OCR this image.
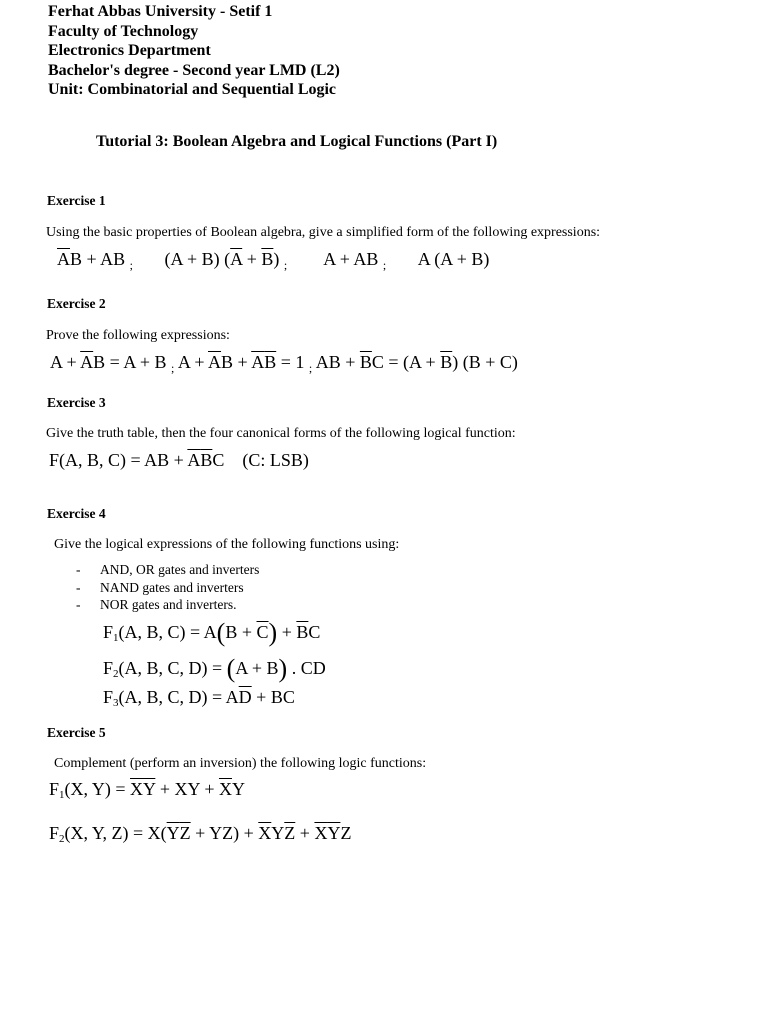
Ferhat Abbas University - Setif 1
Faculty of Technology
Electronics Department
Bachelor's degree - Second year LMD (L2)
Unit: Combinatorial and Sequential Logic
Tutorial 3: Boolean Algebra and Logical Functions (Part I)
Exercise 1
Using the basic properties of Boolean algebra, give a simplified form of the following expressions:
$\overline{A}B$ + AB $_;$       (A + B) $(\overline{A} + \overline{B})$ $_;$        A + AB $_;$       A (A + B)
Exercise 2
Prove the following expressions:
$A + \overline{A}B = A + B$ $_;$ $A + \overline{A}B + \overline{A}\overline{B} = 1$ $_;$ AB + $\overline{B}C = (A + \overline{B}) (B + C)$
Exercise 3
Give the truth table, then the four canonical forms of the following logical function:
F(A, B, C) = AB + $\overline{A}\overline{B}C$    (C: LSB)
Exercise 4
Give the logical expressions of the following functions using:
- AND, OR gates and inverters
- NAND gates and inverters
- NOR gates and inverters.
$F_1(A$, B, $C) = A(B + \overline{C}) + \overline{B}C$
$F_2(A$, B, C, D) = (A + B) . CD
$F_3(A$, B, C, $D) = A\overline{D}$ + BC
Exercise 5
Complement (perform an inversion) the following logic functions:
$F_1(X$, $Y) = \overline{X}\overline{Y}$ + XY + $\overline{X}Y$
$F_2(X$, Y, $Z) = X(\overline{Y}\overline{Z} + YZ) + \overline{X}Y\overline{Z} + \overline{X}\overline{Y}Z$
